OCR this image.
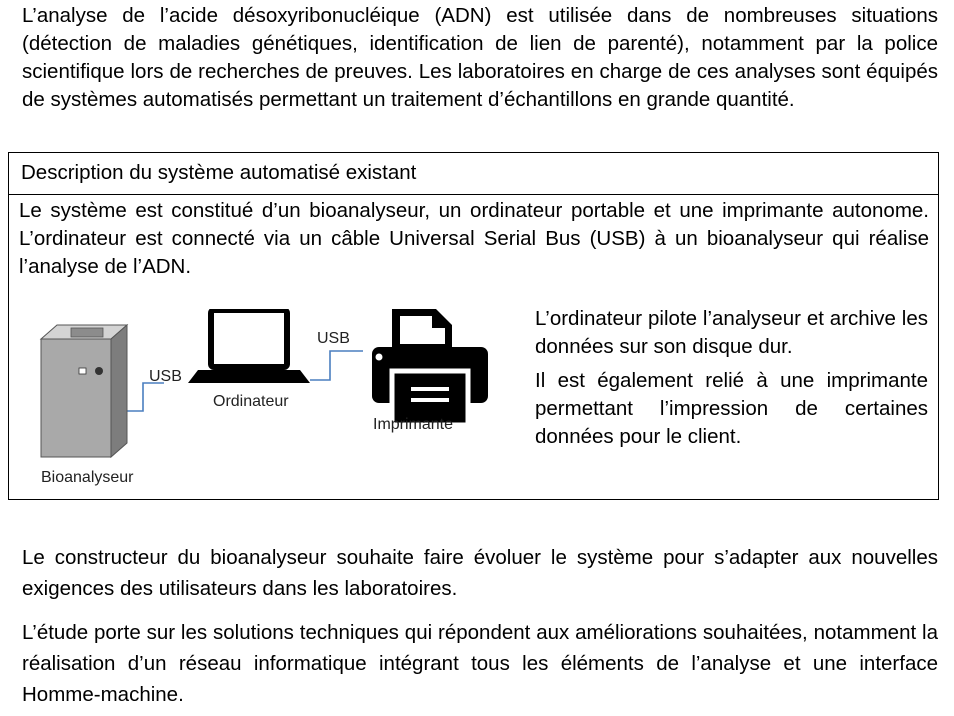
L’analyse de l’acide désoxyribonucléique (ADN) est utilisée dans de nombreuses situations (détection de maladies génétiques, identification de lien de parenté), notamment par la police scientifique lors de recherches de preuves. Les laboratoires en charge de ces analyses sont équipés de systèmes automatisés permettant un traitement d’échantillons en grande quantité.

Description du système automatisé existant

Le système est constitué d’un bioanalyseur, un ordinateur portable et une imprimante autonome. L’ordinateur est connecté via un câble Universal Serial Bus (USB) à un bioanalyseur qui réalise l’analyse de l’ADN.

Bioanalyseur
USB
Ordinateur
USB
Imprimante

L’ordinateur pilote l’analyseur et archive les données sur son disque dur.

Il est également relié à une imprimante permettant l’impression de certaines données pour le client.

Le constructeur du bioanalyseur souhaite faire évoluer le système pour s’adapter aux nouvelles exigences des utilisateurs dans les laboratoires.

L’étude porte sur les solutions techniques qui répondent aux améliorations souhaitées, notamment la réalisation d’un réseau informatique intégrant tous les éléments de l’analyse et une interface Homme-machine.
